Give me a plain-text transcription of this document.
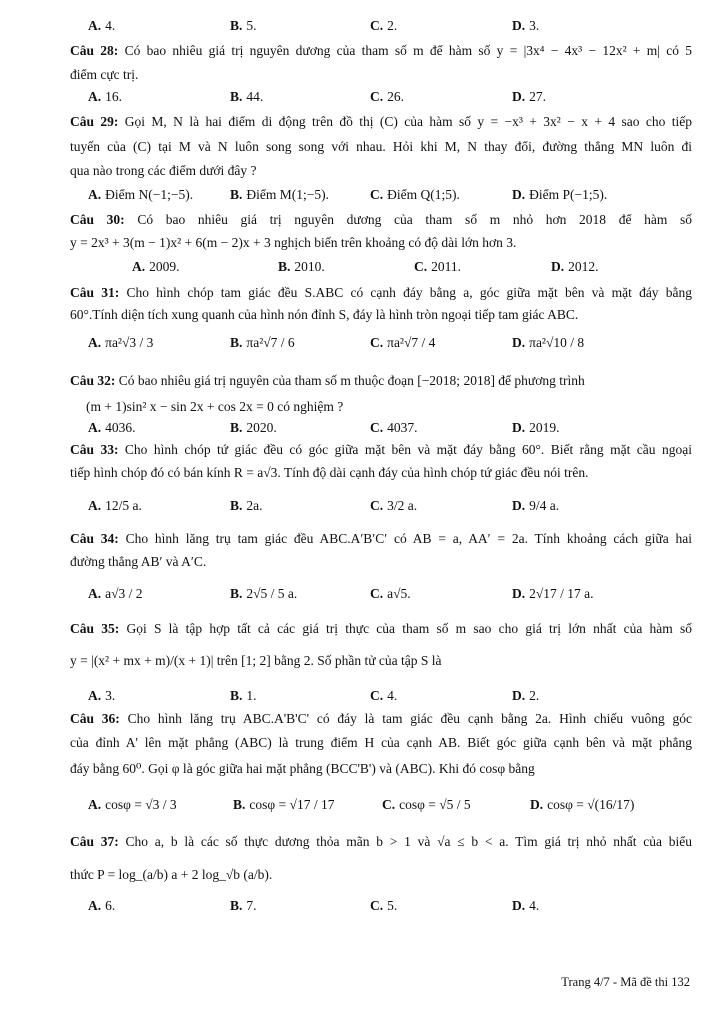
A. 4.	B. 5.	C. 2.	D. 3.
Câu 28: Có bao nhiêu giá trị nguyên dương của tham số m để hàm số y = |3x⁴ − 4x³ − 12x² + m| có 5
điểm cực trị.
A. 16.	B. 44.	C. 26.	D. 27.
Câu 29: Gọi M, N là hai điểm di động trên đồ thị (C) của hàm số y = −x³ + 3x² − x + 4 sao cho tiếp
tuyến của (C) tại M và N luôn song song với nhau. Hỏi khi M, N thay đổi, đường thẳng MN luôn đi
qua nào trong các điểm dưới đây ?
A. Điểm N(−1;−5).	B. Điểm M(1;−5).	C. Điểm Q(1;5).	D. Điểm P(−1;5).
Câu 30: Có bao nhiêu giá trị nguyên dương của tham số m nhỏ hơn 2018 để hàm số
y = 2x³ + 3(m − 1)x² + 6(m − 2)x + 3 nghịch biến trên khoảng có độ dài lớn hơn 3.
A. 2009.	B. 2010.	C. 2011.	D. 2012.
Câu 31: Cho hình chóp tam giác đều S.ABC có cạnh đáy bằng a, góc giữa mặt bên và mặt đáy bằng
60°.Tính diện tích xung quanh của hình nón đỉnh S, đáy là hình tròn ngoại tiếp tam giác ABC.
A. πa²√3 / 3	B. πa²√7 / 6	C. πa²√7 / 4	D. πa²√10 / 8
Câu 32: Có bao nhiêu giá trị nguyên của tham số m thuộc đoạn [−2018; 2018] để phương trình
(m + 1)sin² x − sin 2x + cos 2x = 0 có nghiệm ?
A. 4036.	B. 2020.	C. 4037.	D. 2019.
Câu 33: Cho hình chóp tứ giác đều có góc giữa mặt bên và mặt đáy bằng 60°. Biết rằng mặt cầu ngoại
tiếp hình chóp đó có bán kính R = a√3. Tính độ dài cạnh đáy của hình chóp tứ giác đều nói trên.
A. 12/5 a.	B. 2a.	C. 3/2 a.	D. 9/4 a.
Câu 34: Cho hình lăng trụ tam giác đều ABC.A′B′C′ có AB = a, AA′ = 2a. Tính khoảng cách giữa hai
đường thẳng AB′ và A′C.
A. a√3 / 2	B. 2√5 / 5 a.	C. a√5.	D. 2√17 / 17 a.
Câu 35: Gọi S là tập hợp tất cả các giá trị thực của tham số m sao cho giá trị lớn nhất của hàm số
y = |(x² + mx + m)/(x + 1)| trên [1; 2] bằng 2. Số phần tử của tập S là
A. 3.	B. 1.	C. 4.	D. 2.
Câu 36: Cho hình lăng trụ ABC.A'B'C' có đáy là tam giác đều cạnh bằng 2a. Hình chiếu vuông góc
của đỉnh A' lên mặt phẳng (ABC) là trung điểm H của cạnh AB. Biết góc giữa cạnh bên và mặt phẳng
đáy bằng 60⁰. Gọi φ là góc giữa hai mặt phẳng (BCC'B') và (ABC). Khi đó cosφ bằng
A. cosφ = √3 / 3	B. cosφ = √17 / 17	C. cosφ = √5 / 5	D. cosφ = √(16/17)
Câu 37: Cho a, b là các số thực dương thỏa mãn b > 1 và √a ≤ b < a. Tìm giá trị nhỏ nhất của biểu
thức P = log_(a/b) a + 2 log_√b (a/b).
A. 6.	B. 7.	C. 5.	D. 4.
Trang 4/7 - Mã đề thi 132
